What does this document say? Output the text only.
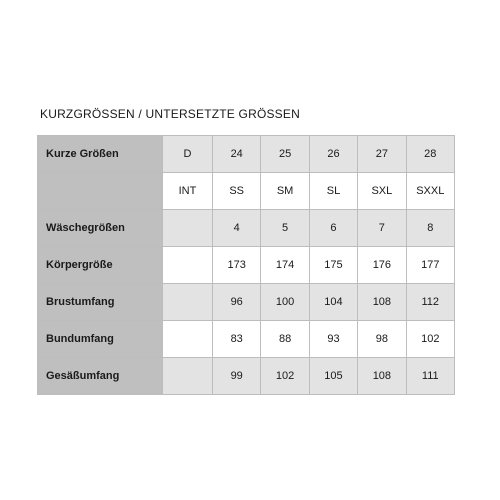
KURZGRÖSSEN / UNTERSETZTE GRÖSSEN
Kurze Größen	D	24	25	26	27	28
	INT	SS	SM	SL	SXL	SXXL
Wäschegrößen		4	5	6	7	8
Körpergröße		173	174	175	176	177
Brustumfang		96	100	104	108	112
Bundumfang		83	88	93	98	102
Gesäßumfang		99	102	105	108	111
